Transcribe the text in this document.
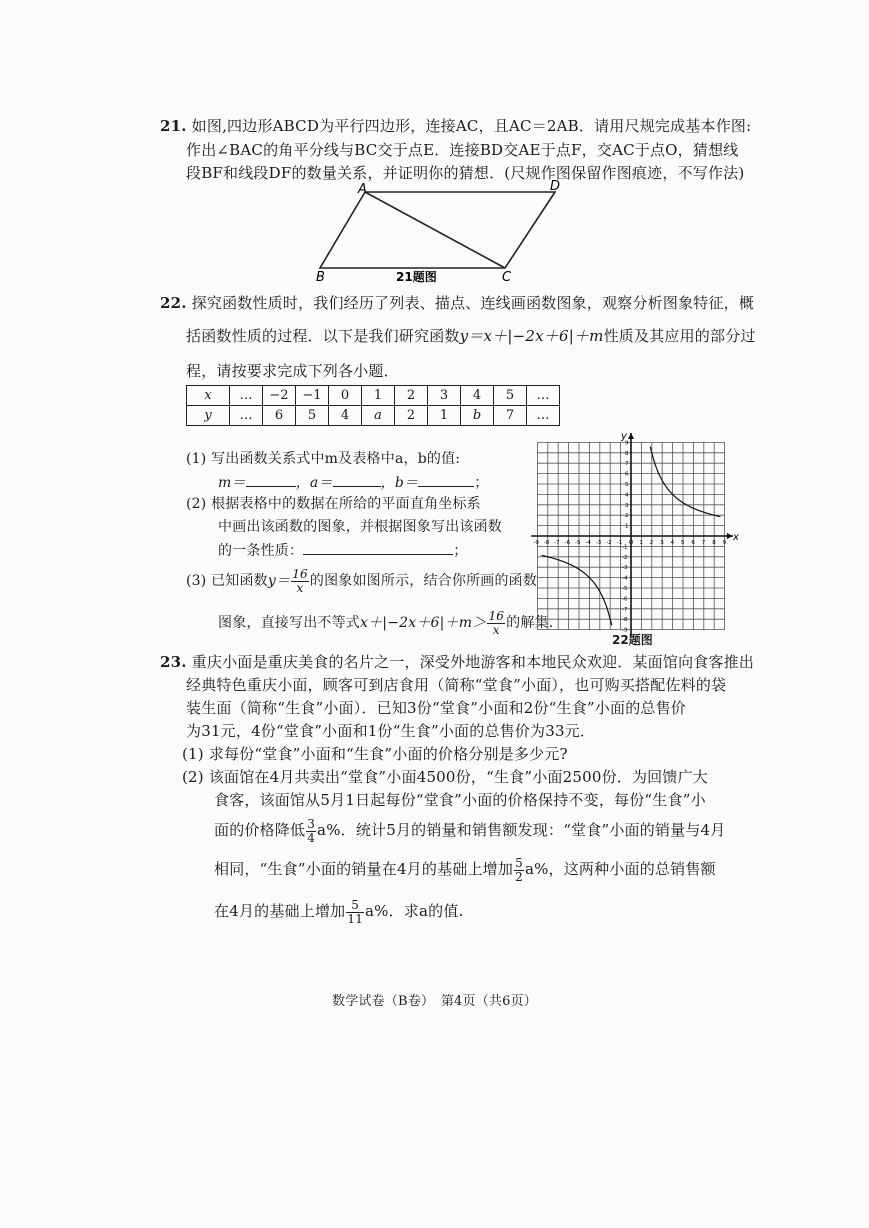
21. 如图,四边形ABCD为平行四边形，连接AC，且AC＝2AB．请用尺规完成基本作图:
作出∠BAC的角平分线与BC交于点E．连接BD交AE于点F，交AC于点O，猜想线
段BF和线段DF的数量关系，并证明你的猜想．(尺规作图保留作图痕迹，不写作法)
A	D
B	C
21题图
22. 探究函数性质时，我们经历了列表、描点、连线画函数图象，观察分析图象特征，概
括函数性质的过程．以下是我们研究函数y＝x＋|−2x＋6|＋m性质及其应用的部分过
程，请按要求完成下列各小题．
x	…	−2	−1	0	1	2	3	4	5	…
y	…	6	5	4	a	2	1	b	7	…
(1) 写出函数关系式中m及表格中a，b的值:
m＝	，a＝	，b＝	；
(2) 根据表格中的数据在所给的平面直角坐标系
中画出该函数的图象，并根据图象写出该函数
的一条性质：	；
(3) 已知函数$y= \frac{16}{x}$ 的图象如图所示，结合你所画的函数
图象，直接写出不等式$x+|-2x+6|+m> \frac{16}{x}$ 的解集.
x
y
-9 -8 -7 -6 -5 -4 -3 -2 -1 O 1 2 3 4 5 6 7 8 9
9
8
7
6
5
4
3
2
1
-1
-2
-3
-4
-5
-6
-7
-8
-9
22题图
23. 重庆小面是重庆美食的名片之一，深受外地游客和本地民众欢迎．某面馆向食客推出
经典特色重庆小面，顾客可到店食用（简称“堂食”小面），也可购买搭配佐料的袋
装生面（简称“生食”小面）．已知3份“堂食”小面和2份“生食”小面的总售价
为31元，4份“堂食”小面和1份“生食”小面的总售价为33元．
(1) 求每份“堂食”小面和“生食”小面的价格分别是多少元?
(2) 该面馆在4月共卖出“堂食”小面4500份，“生食”小面2500份．为回馈广大
食客，该面馆从5月1日起每份“堂食”小面的价格保持不变，每份“生食”小
面的价格降低 $\frac{3}{4} a\%$．统计5月的销量和销售额发现：“堂食”小面的销量与4月
相同，“生食”小面的销量在4月的基础上增加 $\frac{5}{2} a\%$，这两种小面的总销售额
在4月的基础上增加 $\frac{5}{11} a\%$．求a的值.
数学试卷（B卷）　第4页（共6页）
